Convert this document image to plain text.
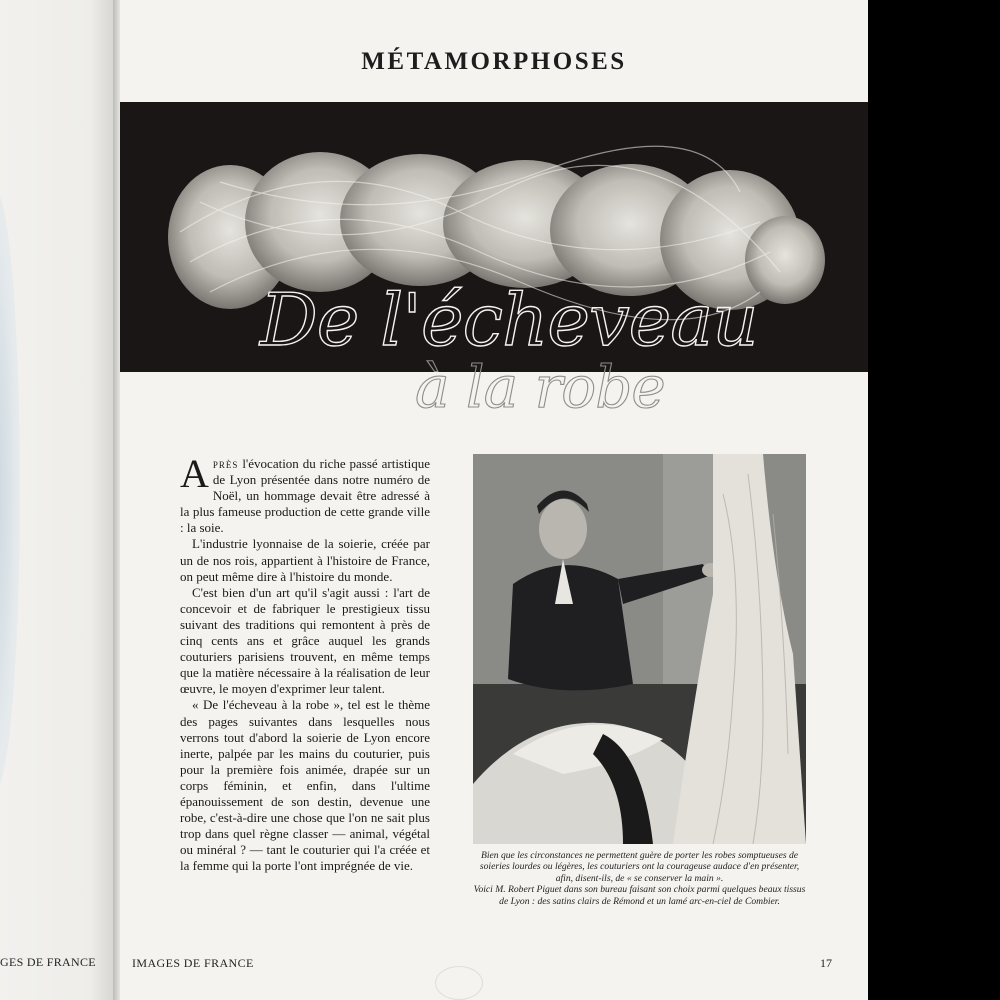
GES DE FRANCE
MÉTAMORPHOSES
à la robe

Après l'évocation du riche passé artistique de Lyon présentée dans notre numéro de Noël, un hommage devait être adressé à la plus fameuse production de cette grande ville : la soie.

L'industrie lyonnaise de la soierie, créée par un de nos rois, appartient à l'histoire de France, on peut même dire à l'histoire du monde.

C'est bien d'un art qu'il s'agit aussi : l'art de concevoir et de fabriquer le prestigieux tissu suivant des traditions qui remontent à près de cinq cents ans et grâce auquel les grands couturiers parisiens trouvent, en même temps que la matière nécessaire à la réalisation de leur œuvre, le moyen d'exprimer leur talent.

« De l'écheveau à la robe », tel est le thème des pages suivantes dans lesquelles nous verrons tout d'abord la soierie de Lyon encore inerte, palpée par les mains du couturier, puis pour la première fois animée, drapée sur un corps féminin, et enfin, dans l'ultime épanouissement de son destin, devenue une robe, c'est-à-dire une chose que l'on ne sait plus trop dans quel règne classer — animal, végétal ou minéral ? — tant le couturier qui l'a créée et la femme qui la porte l'ont imprégnée de vie.

Bien que les circonstances ne permettent guère de porter les robes somptueuses de soieries lourdes ou légères, les couturiers ont la courageuse audace d'en présenter, afin, disent-ils, de « se conserver la main ».

Voici M. Robert Piguet dans son bureau faisant son choix parmi quelques beaux tissus de Lyon : des satins clairs de Rémond et un lamé arc-en-ciel de Combier.

IMAGES DE FRANCE	17
